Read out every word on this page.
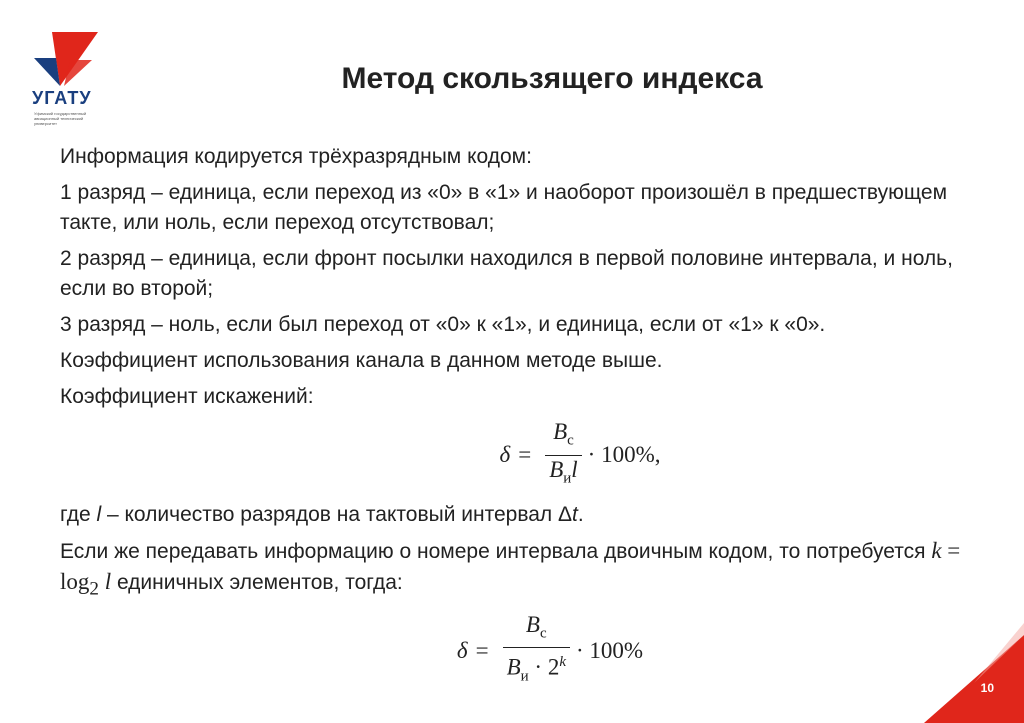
УГАТУ
Уфимский государственный авиационный технический университет
Метод скользящего индекса

Информация кодируется трёхразрядным кодом:

1 разряд – единица, если переход из «0» в «1» и наоборот произошёл в предшествующем такте, или ноль, если переход отсутствовал;

2 разряд – единица, если фронт посылки находился в первой половине интервала, и ноль, если во второй;

3 разряд – ноль, если был переход от «0» к «1», и единица, если от «1» к «0».

Коэффициент использования канала в данном методе выше.

Коэффициент искажений:

$\delta = \frac{B_с}{B_иl} \cdot 100\%$,

где l – количество разрядов на тактовый интервал Δt.

Если же передавать информацию о номере интервала двоичным кодом, то потребуется $k = \log_2 l$ единичных элементов, тогда:

$\delta = \frac{B_с}{B_и \cdot 2^k} \cdot 100\%$
10
